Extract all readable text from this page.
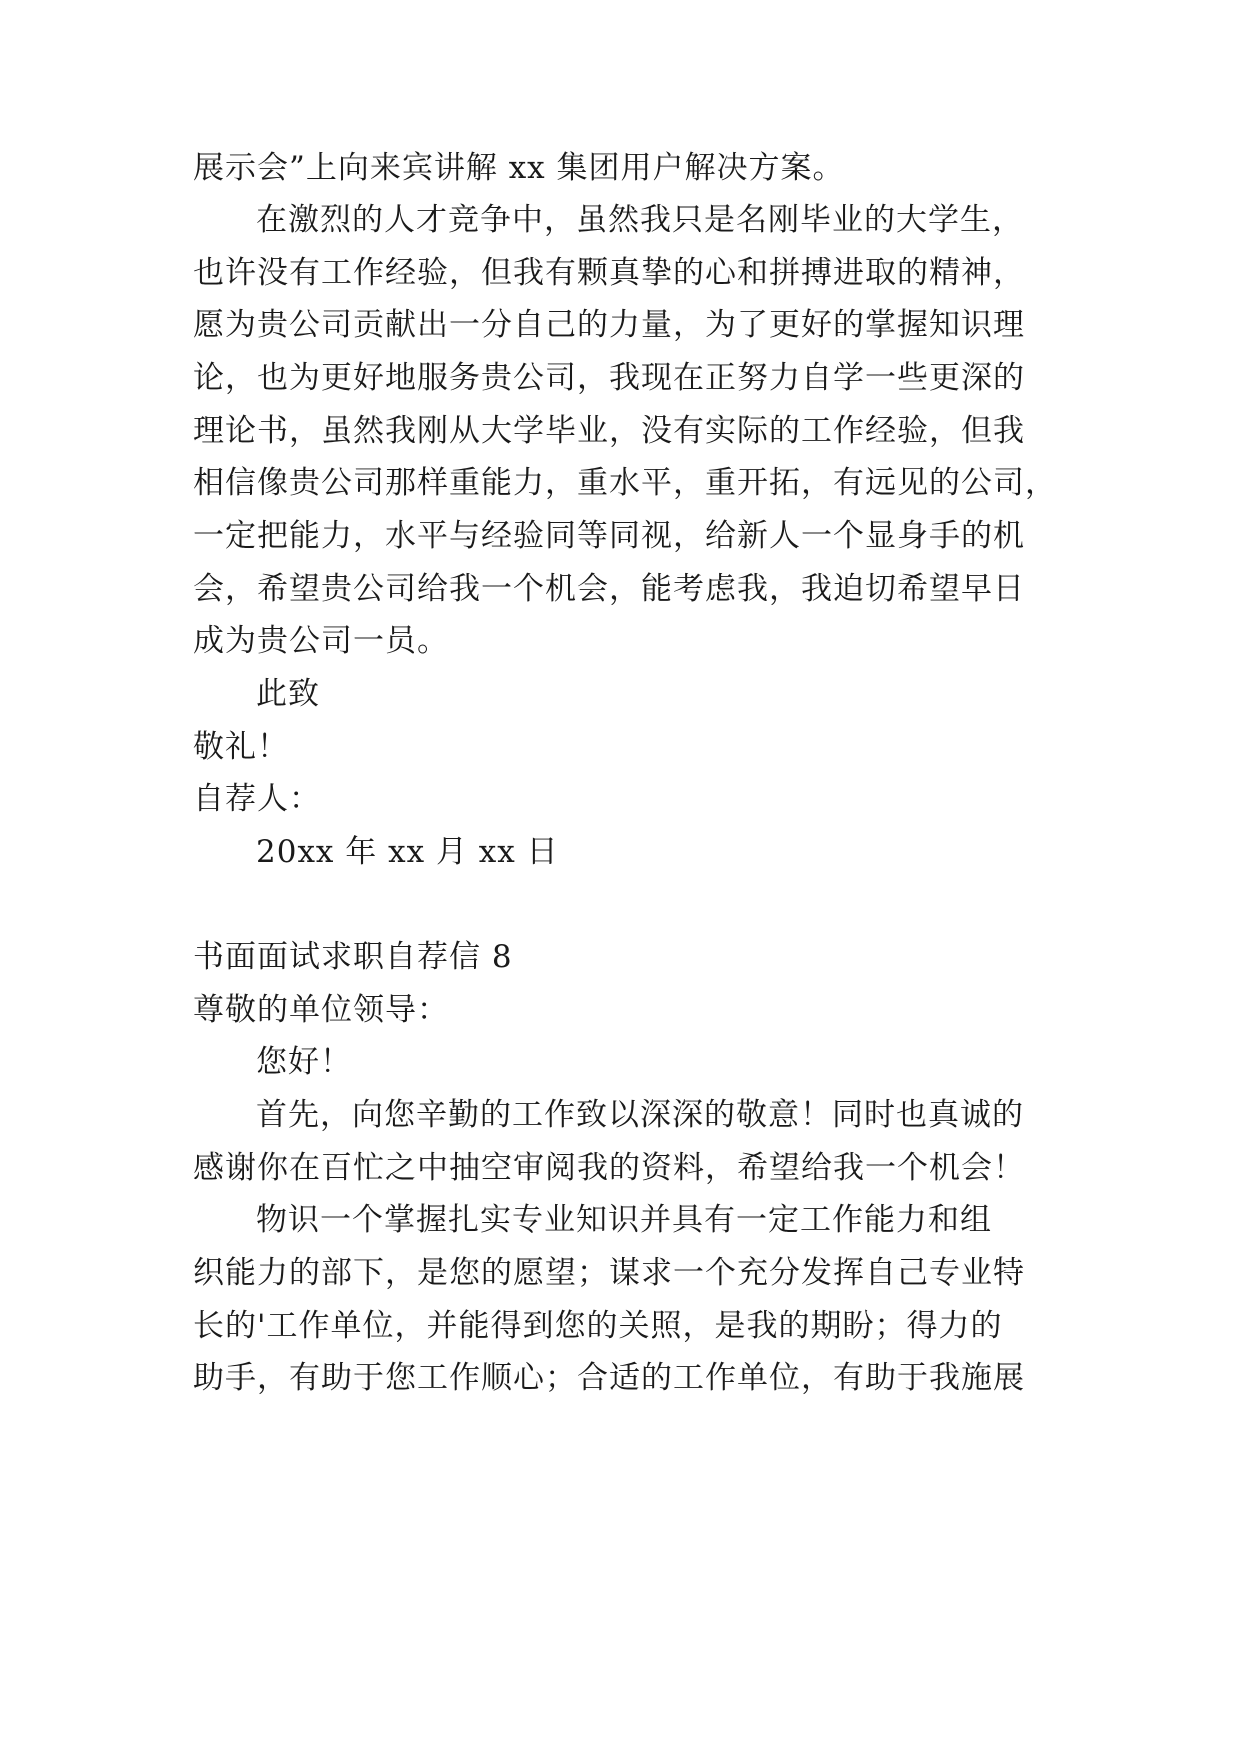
展示会”上向来宾讲解 xx 集团用户解决方案。
在激烈的人才竞争中，虽然我只是名刚毕业的大学生，
也许没有工作经验，但我有颗真挚的心和拼搏进取的精神，
愿为贵公司贡献出一分自己的力量，为了更好的掌握知识理
论，也为更好地服务贵公司，我现在正努力自学一些更深的
理论书，虽然我刚从大学毕业，没有实际的工作经验，但我
相信像贵公司那样重能力，重水平，重开拓，有远见的公司，
一定把能力，水平与经验同等同视，给新人一个显身手的机
会，希望贵公司给我一个机会，能考虑我，我迫切希望早日
成为贵公司一员。
此致
敬礼！
自荐人：
20xx 年 xx 月 xx 日
书面面试求职自荐信 8
尊敬的单位领导：
您好！
首先，向您辛勤的工作致以深深的敬意！同时也真诚的
感谢你在百忙之中抽空审阅我的资料，希望给我一个机会！
物识一个掌握扎实专业知识并具有一定工作能力和组
织能力的部下，是您的愿望；谋求一个充分发挥自己专业特
长的'工作单位，并能得到您的关照，是我的期盼；得力的
助手，有助于您工作顺心；合适的工作单位，有助于我施展
